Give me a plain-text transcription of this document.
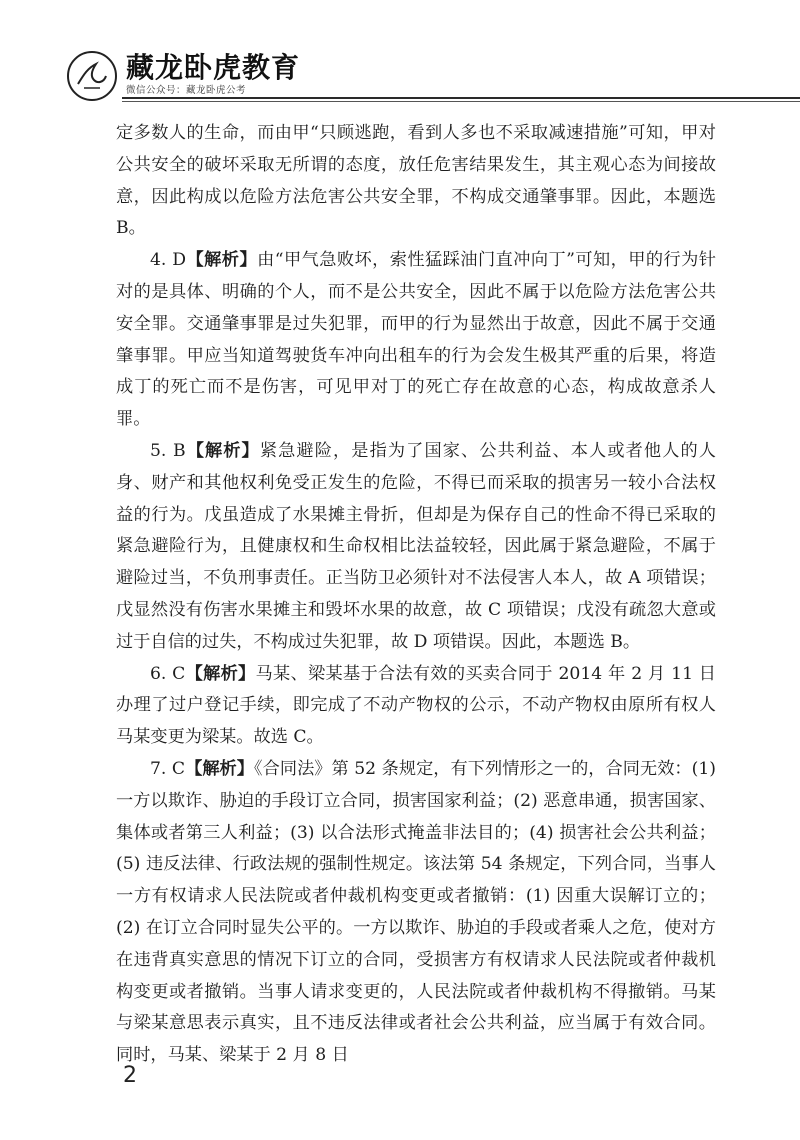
藏龙卧虎教育
微信公众号：藏龙卧虎公考

定多数人的生命，而由甲“只顾逃跑，看到人多也不采取减速措施”可知，甲对公共安全的破坏采取无所谓的态度，放任危害结果发生，其主观心态为间接故意，因此构成以危险方法危害公共安全罪，不构成交通肇事罪。因此，本题选 B。

4. D【解析】由“甲气急败坏，索性猛踩油门直冲向丁”可知，甲的行为针对的是具体、明确的个人，而不是公共安全，因此不属于以危险方法危害公共安全罪。交通肇事罪是过失犯罪，而甲的行为显然出于故意，因此不属于交通肇事罪。甲应当知道驾驶货车冲向出租车的行为会发生极其严重的后果，将造成丁的死亡而不是伤害，可见甲对丁的死亡存在故意的心态，构成故意杀人罪。

5. B【解析】紧急避险，是指为了国家、公共利益、本人或者他人的人身、财产和其他权利免受正发生的危险，不得已而采取的损害另一较小合法权益的行为。戊虽造成了水果摊主骨折，但却是为保存自己的性命不得已采取的紧急避险行为，且健康权和生命权相比法益较轻，因此属于紧急避险，不属于避险过当，不负刑事责任。正当防卫必须针对不法侵害人本人，故 A 项错误；戊显然没有伤害水果摊主和毁坏水果的故意，故 C 项错误；戊没有疏忽大意或过于自信的过失，不构成过失犯罪，故 D 项错误。因此，本题选 B。

6. C【解析】马某、梁某基于合法有效的买卖合同于 2014 年 2 月 11 日办理了过户登记手续，即完成了不动产物权的公示，不动产物权由原所有权人马某变更为梁某。故选 C。

7. C【解析】《合同法》第 52 条规定，有下列情形之一的，合同无效：(1) 一方以欺诈、胁迫的手段订立合同，损害国家利益；(2) 恶意串通，损害国家、集体或者第三人利益；(3) 以合法形式掩盖非法目的；(4) 损害社会公共利益；(5) 违反法律、行政法规的强制性规定。该法第 54 条规定，下列合同，当事人一方有权请求人民法院或者仲裁机构变更或者撤销：(1) 因重大误解订立的；(2) 在订立合同时显失公平的。一方以欺诈、胁迫的手段或者乘人之危，使对方在违背真实意思的情况下订立的合同，受损害方有权请求人民法院或者仲裁机构变更或者撤销。当事人请求变更的，人民法院或者仲裁机构不得撤销。马某与梁某意思表示真实，且不违反法律或者社会公共利益，应当属于有效合同。同时，马某、梁某于 2 月 8 日

2
